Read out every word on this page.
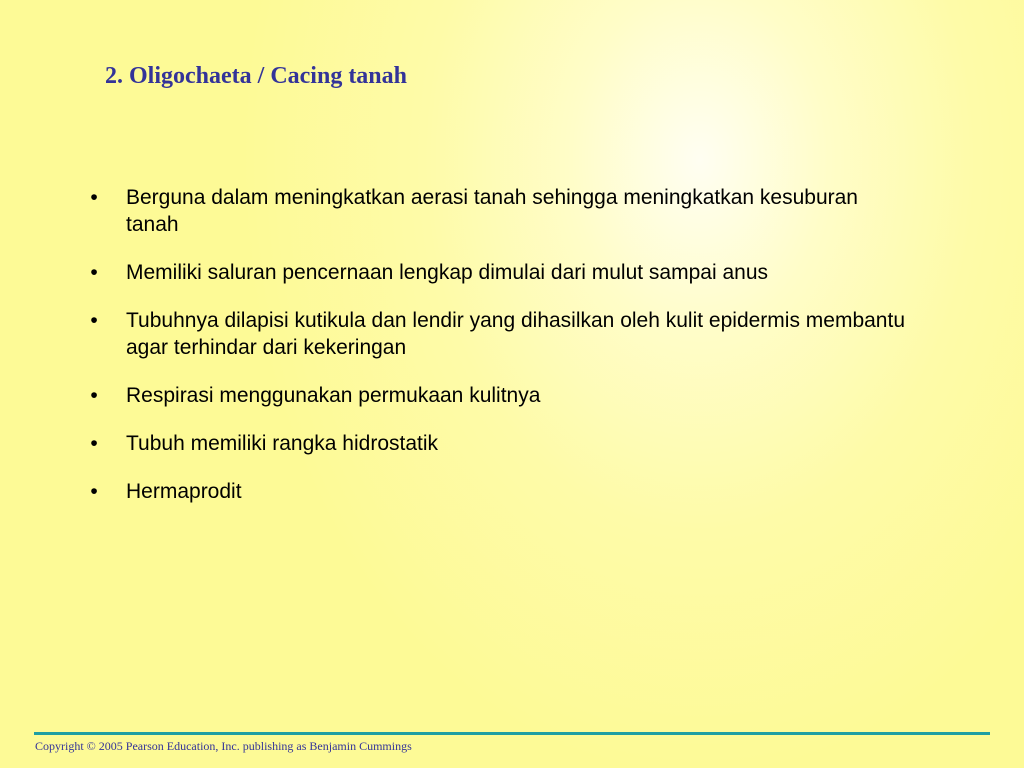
2. Oligochaeta / Cacing tanah
• Berguna dalam meningkatkan aerasi tanah sehingga meningkatkan kesuburan tanah
• Memiliki saluran pencernaan lengkap dimulai dari mulut sampai anus
• Tubuhnya dilapisi kutikula dan lendir yang dihasilkan oleh kulit epidermis membantu agar terhindar dari kekeringan
• Respirasi menggunakan permukaan kulitnya
• Tubuh memiliki rangka hidrostatik
• Hermaprodit

Copyright © 2005 Pearson Education, Inc. publishing as Benjamin Cummings
